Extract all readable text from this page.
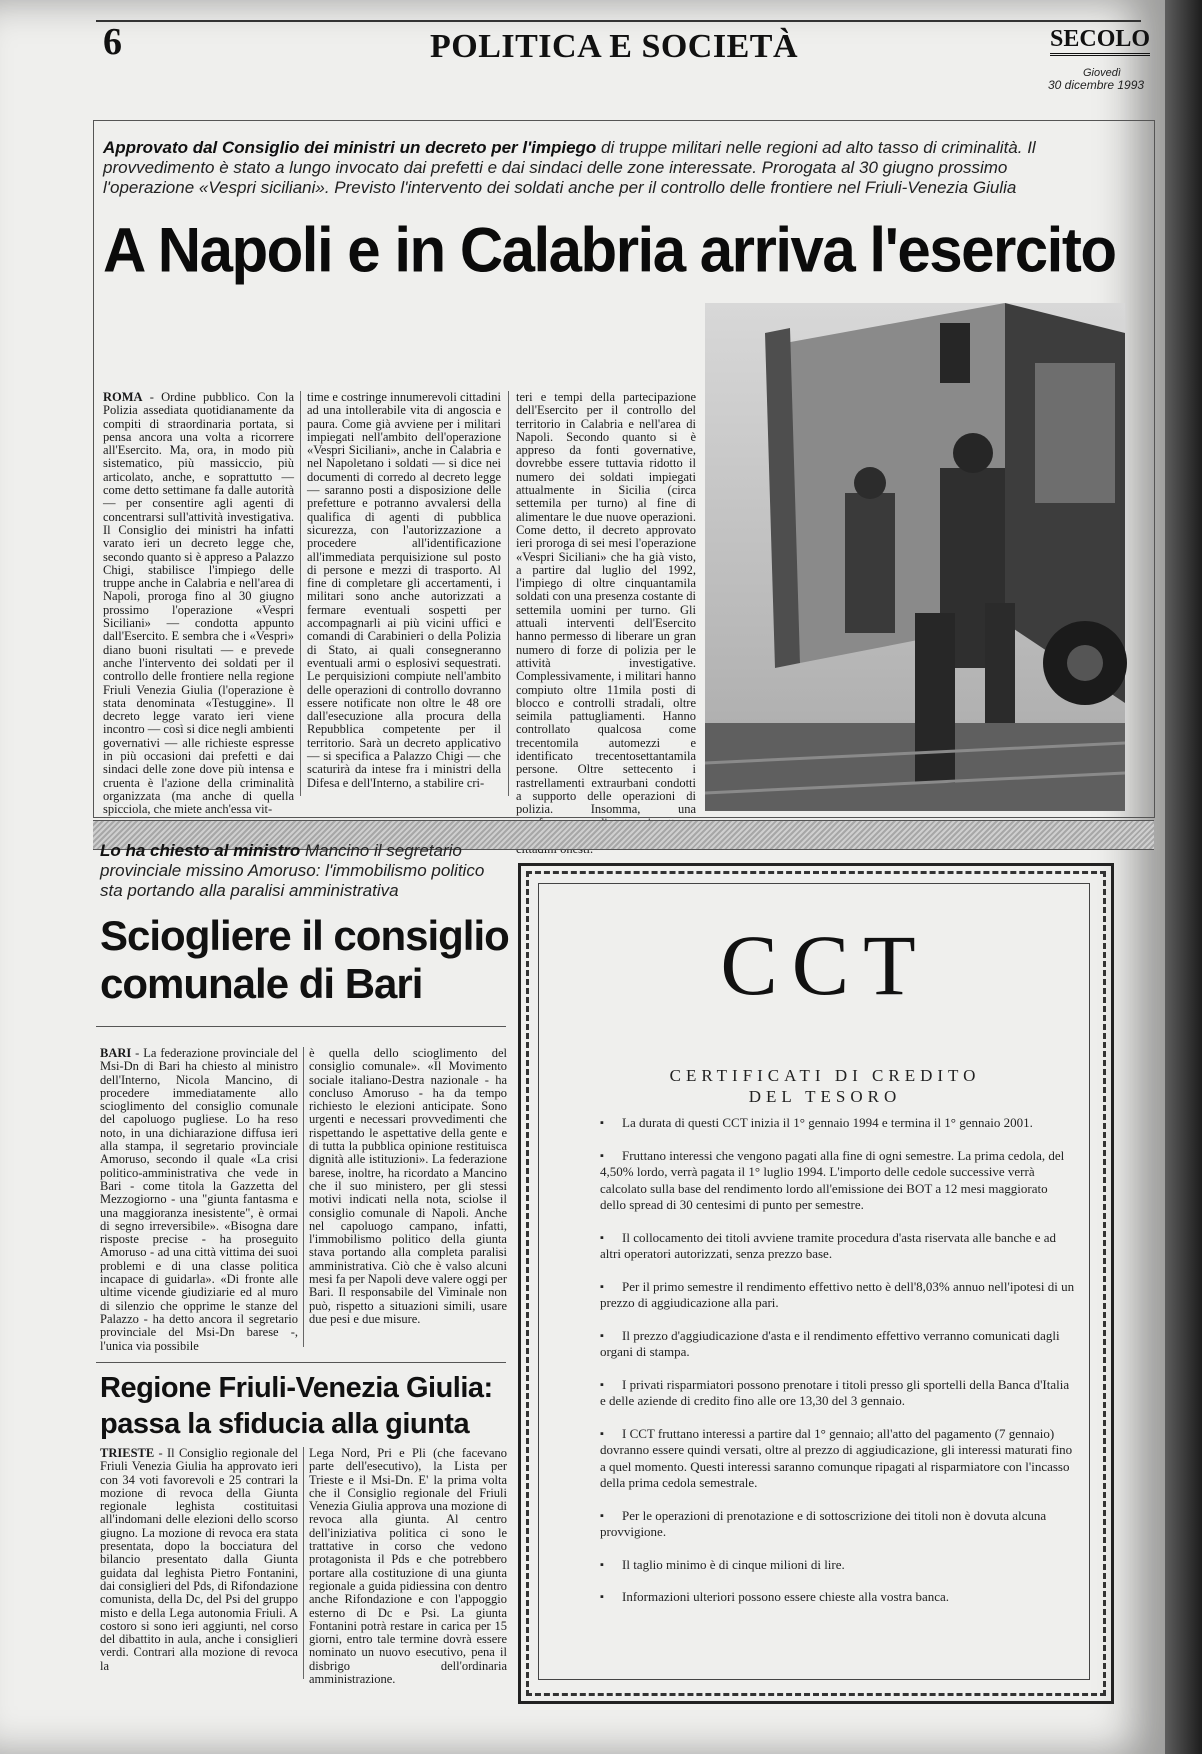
6	POLITICA E SOCIETÀ	SECOLO
Giovedì
30 dicembre 1993
Approvato dal Consiglio dei ministri un decreto per l'impiego di truppe militari nelle regioni ad alto tasso di criminalità. Il provvedimento è stato a lungo invocato dai prefetti e dai sindaci delle zone interessate. Prorogata al 30 giugno prossimo l'operazione «Vespri siciliani». Previsto l'intervento dei soldati anche per il controllo delle frontiere nel Friuli-Venezia Giulia
A Napoli e in Calabria arriva l'esercito
ROMA - Ordine pubblico. Con la Polizia assediata quotidianamente da compiti di straordinaria portata, si pensa ancora una volta a ricorrere all'Esercito. Ma, ora, in modo più sistematico, più massiccio, più articolato, anche, e soprattutto — come detto settimane fa dalle autorità — per consentire agli agenti di concentrarsi sull'attività investigativa. Il Consiglio dei ministri ha infatti varato ieri un decreto legge che, secondo quanto si è appreso a Palazzo Chigi, stabilisce l'impiego delle truppe anche in Calabria e nell'area di Napoli, proroga fino al 30 giugno prossimo l'operazione «Vespri Siciliani» — condotta appunto dall'Esercito. E sembra che i «Vespri» diano buoni risultati — e prevede anche l'intervento dei soldati per il controllo delle frontiere nella regione Friuli Venezia Giulia (l'operazione è stata denominata «Testuggine». Il decreto legge varato ieri viene incontro — così si dice negli ambienti governativi — alle richieste espresse in più occasioni dai prefetti e dai sindaci delle zone dove più intensa e cruenta è l'azione della criminalità organizzata (ma anche di quella spicciola, che miete anch'essa vit-
time e costringe innumerevoli cittadini ad una intollerabile vita di angoscia e paura. Come già avviene per i militari impiegati nell'ambito dell'operazione «Vespri Siciliani», anche in Calabria e nel Napoletano i soldati — si dice nei documenti di corredo al decreto legge — saranno posti a disposizione delle prefetture e potranno avvalersi della qualifica di agenti di pubblica sicurezza, con l'autorizzazione a procedere all'identificazione all'immediata perquisizione sul posto di persone e mezzi di trasporto. Al fine di completare gli accertamenti, i militari sono anche autorizzati a fermare eventuali sospetti per accompagnarli ai più vicini uffici e comandi di Carabinieri o della Polizia di Stato, ai quali consegneranno eventuali armi o esplosivi sequestrati. Le perquisizioni compiute nell'ambito delle operazioni di controllo dovranno essere notificate non oltre le 48 ore dall'esecuzione alla procura della Repubblica competente per il territorio. Sarà un decreto applicativo — si specifica a Palazzo Chigi — che scaturirà da intese fra i ministri della Difesa e dell'Interno, a stabilire cri-
teri e tempi della partecipazione dell'Esercito per il controllo del territorio in Calabria e nell'area di Napoli. Secondo quanto si è appreso da fonti governative, dovrebbe essere tuttavia ridotto il numero dei soldati impiegati attualmente in Sicilia (circa settemila per turno) al fine di alimentare le due nuove operazioni. Come detto, il decreto approvato ieri proroga di sei mesi l'operazione «Vespri Siciliani» che ha già visto, a partire dal luglio del 1992, l'impiego di oltre cinquantamila soldati con una presenza costante di settemila uomini per turno. Gli attuali interventi dell'Esercito hanno permesso di liberare un gran numero di forze di polizia per le attività investigative. Complessivamente, i militari hanno compiuto oltre 11mila posti di blocco e controlli stradali, oltre seimila pattugliamenti. Hanno controllato qualcosa come trecentomila automezzi e identificato trecentosettantamila persone. Oltre settecento i rastrellamenti extraurbani condotti a supporto delle operazioni di polizia. Insomma, una
Lo ha chiesto al ministro Mancino il segretario provinciale missino Amoruso: l'immobilismo politico sta portando alla paralisi amministrativa
Sciogliere il consiglio comunale di Bari
BARI - La federazione provinciale del Msi-Dn di Bari ha chiesto al ministro dell'Interno, Nicola Mancino, di procedere immediatamente allo scioglimento del consiglio comunale del capoluogo pugliese. Lo ha reso noto, in una dichiarazione diffusa ieri alla stampa, il segretario provinciale Amoruso, secondo il quale «La crisi politico-amministrativa che vede in Bari - come titola la Gazzetta del Mezzogiorno - una "giunta fantasma e una maggioranza inesistente", è ormai di segno irreversibile». «Bisogna dare risposte precise - ha proseguito Amoruso - ad una città vittima dei suoi problemi e di una classe politica incapace di guidarla». «Di fronte alle ultime vicende giudiziarie ed al muro di silenzio che opprime le stanze del Palazzo - ha detto ancora il segretario provinciale del Msi-Dn barese -, l'unica via possibile
è quella dello scioglimento del consiglio comunale». «Il Movimento sociale italiano-Destra nazionale - ha concluso Amoruso - ha da tempo richiesto le elezioni anticipate. Sono urgenti e necessari provvedimenti che rispettando le aspettative della gente e di tutta la pubblica opinione restituisca dignità alle istituzioni». La federazione barese, inoltre, ha ricordato a Mancino che il suo ministero, per gli stessi motivi indicati nella nota, sciolse il consiglio comunale di Napoli. Anche nel capoluogo campano, infatti, l'immobilismo politico della giunta stava portando alla completa paralisi amministrativa. Ciò che è valso alcuni mesi fa per Napoli deve valere oggi per Bari. Il responsabile del Viminale non può, rispetto a situazioni simili, usare due pesi e due misure.
Regione Friuli-Venezia Giulia: passa la sfiducia alla giunta
TRIESTE - Il Consiglio regionale del Friuli Venezia Giulia ha approvato ieri con 34 voti favorevoli e 25 contrari la mozione di revoca della Giunta regionale leghista costituitasi all'indomani delle elezioni dello scorso giugno. La mozione di revoca era stata presentata, dopo la bocciatura del bilancio presentato dalla Giunta guidata dal leghista Pietro Fontanini, dai consiglieri del Pds, di Rifondazione comunista, della Dc, del Psi del gruppo misto e della Lega autonomia Friuli. A costoro si sono ieri aggiunti, nel corso del dibattito in aula, anche i consiglieri verdi. Contrari alla mozione di revoca la
Lega Nord, Pri e Pli (che facevano parte dell'esecutivo), la Lista per Trieste e il Msi-Dn. E' la prima volta che il Consiglio regionale del Friuli Venezia Giulia approva una mozione di revoca alla giunta. Al centro dell'iniziativa politica ci sono le trattative in corso che vedono protagonista il Pds e che potrebbero portare alla costituzione di una giunta regionale a guida pidiessina con dentro anche Rifondazione e con l'appoggio esterno di Dc e Psi. La giunta Fontanini potrà restare in carica per 15 giorni, entro tale termine dovrà essere nominato un nuovo esecutivo, pena il disbrigo dell'ordinaria amministrazione.
CCT
CERTIFICATI DI CREDITO
DEL TESORO
▪ La durata di questi CCT inizia il 1° gennaio 1994 e termina il 1° gennaio 2001.
▪ Fruttano interessi che vengono pagati alla fine di ogni semestre. La prima cedola, del 4,50% lordo, verrà pagata il 1° luglio 1994. L'importo delle cedole successive verrà calcolato sulla base del rendimento lordo all'emissione dei BOT a 12 mesi maggiorato dello spread di 30 centesimi di punto per semestre.
▪ Il collocamento dei titoli avviene tramite procedura d'asta riservata alle banche e ad altri operatori autorizzati, senza prezzo base.
▪ Per il primo semestre il rendimento effettivo netto è dell'8,03% annuo nell'ipotesi di un prezzo di aggiudicazione alla pari.
▪ Il prezzo d'aggiudicazione d'asta e il rendimento effettivo verranno comunicati dagli organi di stampa.
▪ I privati risparmiatori possono prenotare i titoli presso gli sportelli della Banca d'Italia e delle aziende di credito fino alle ore 13,30 del 3 gennaio.
▪ I CCT fruttano interessi a partire dal 1° gennaio; all'atto del pagamento (7 gennaio) dovranno essere quindi versati, oltre al prezzo di aggiudicazione, gli interessi maturati fino a quel momento. Questi interessi saranno comunque ripagati al risparmiatore con l'incasso della prima cedola semestrale.
▪ Per le operazioni di prenotazione e di sottoscrizione dei titoli non è dovuta alcuna provvigione.
▪ Il taglio minimo è di cinque milioni di lire.
▪ Informazioni ulteriori possono essere chieste alla vostra banca.
